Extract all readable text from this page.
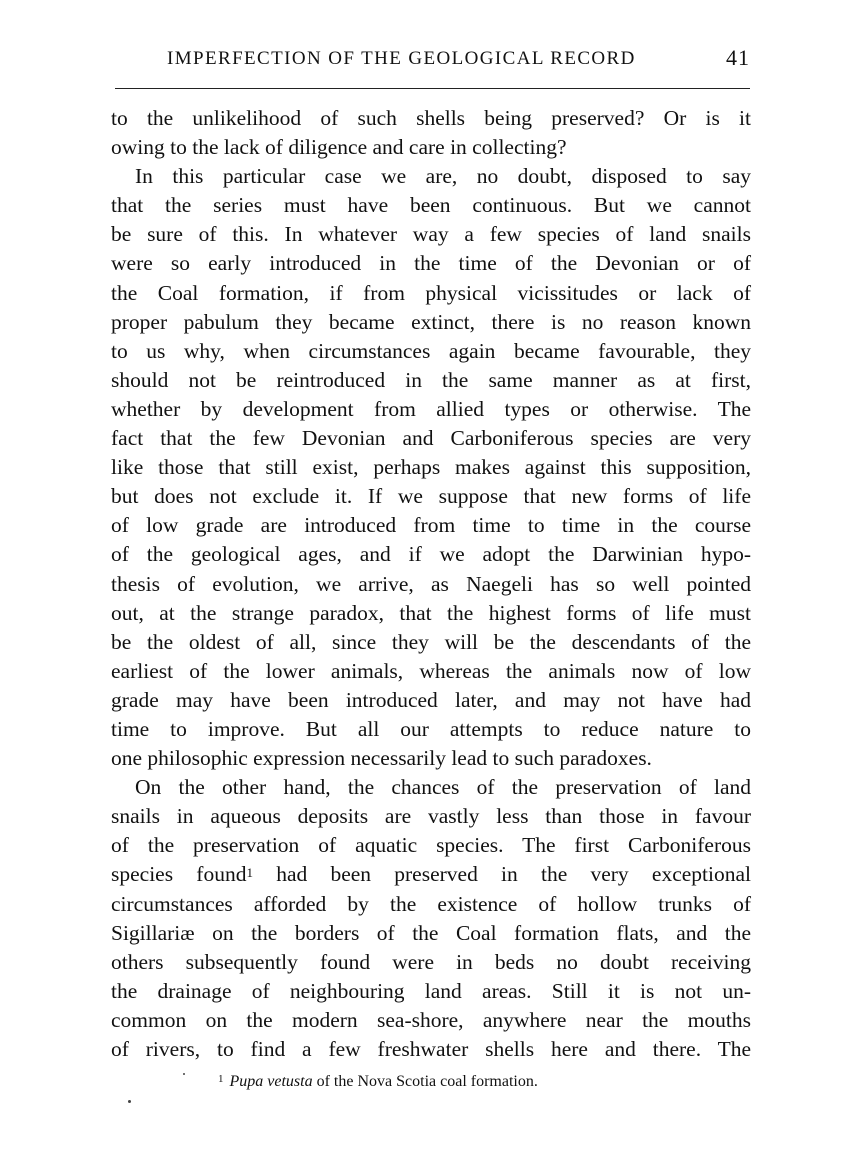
IMPERFECTION OF THE GEOLOGICAL RECORD	41

to the unlikelihood of such shells being preserved? Or is it

owing to the lack of diligence and care in collecting?

In this particular case we are, no doubt, disposed to say

that the series must have been continuous. But we cannot

be sure of this. In whatever way a few species of land snails

were so early introduced in the time of the Devonian or of

the Coal formation, if from physical vicissitudes or lack of

proper pabulum they became extinct, there is no reason known

to us why, when circumstances again became favourable, they

should not be reintroduced in the same manner as at first,

whether by development from allied types or otherwise. The

fact that the few Devonian and Carboniferous species are very

like those that still exist, perhaps makes against this supposition,

but does not exclude it. If we suppose that new forms of life

of low grade are introduced from time to time in the course

of the geological ages, and if we adopt the Darwinian hypo-

thesis of evolution, we arrive, as Naegeli has so well pointed

out, at the strange paradox, that the highest forms of life must

be the oldest of all, since they will be the descendants of the

earliest of the lower animals, whereas the animals now of low

grade may have been introduced later, and may not have had

time to improve. But all our attempts to reduce nature to

one philosophic expression necessarily lead to such paradoxes.

On the other hand, the chances of the preservation of land

snails in aqueous deposits are vastly less than those in favour

of the preservation of aquatic species. The first Carboniferous

species found$^1$ had been preserved in the very exceptional

circumstances afforded by the existence of hollow trunks of

Sigillariæ on the borders of the Coal formation flats, and the

others subsequently found were in beds no doubt receiving

the drainage of neighbouring land areas. Still it is not un-

common on the modern sea-shore, anywhere near the mouths

of rivers, to find a few freshwater shells here and there. The

$^1$ Pupa vetusta of the Nova Scotia coal formation.
